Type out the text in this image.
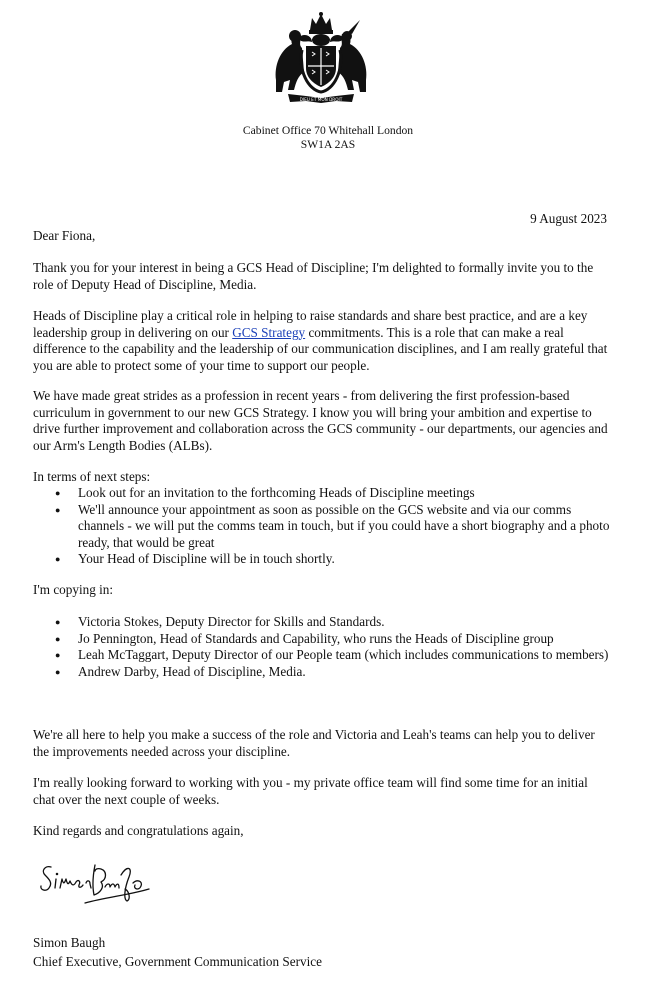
DIEU ET MON DROIT
Cabinet Office 70 Whitehall London
SW1A 2AS
9 August 2023

Dear Fiona,

Thank you for your interest in being a GCS Head of Discipline; I'm delighted to formally invite you to the role of Deputy Head of Discipline, Media.

Heads of Discipline play a critical role in helping to raise standards and share best practice, and are a key leadership group in delivering on our GCS Strategy commitments. This is a role that can make a real difference to the capability and the leadership of our communication disciplines, and I am really grateful that you are able to protect some of your time to support our people.

We have made great strides as a profession in recent years - from delivering the first profession-based curriculum in government to our new GCS Strategy. I know you will bring your ambition and expertise to drive further improvement and collaboration across the GCS community - our departments, our agencies and our Arm's Length Bodies (ALBs).

In terms of next steps:

● Look out for an invitation to the forthcoming Heads of Discipline meetings
● We'll announce your appointment as soon as possible on the GCS website and via our comms channels - we will put the comms team in touch, but if you could have a short biography and a photo ready, that would be great
● Your Head of Discipline will be in touch shortly.

I'm copying in:

● Victoria Stokes, Deputy Director for Skills and Standards.
● Jo Pennington, Head of Standards and Capability, who runs the Heads of Discipline group
● Leah McTaggart, Deputy Director of our People team (which includes communications to members)
● Andrew Darby, Head of Discipline, Media.

We're all here to help you make a success of the role and Victoria and Leah's teams can help you to deliver the improvements needed across your discipline.

I'm really looking forward to working with you - my private office team will find some time for an initial chat over the next couple of weeks.

Kind regards and congratulations again,

Simon Baugh

Chief Executive, Government Communication Service
